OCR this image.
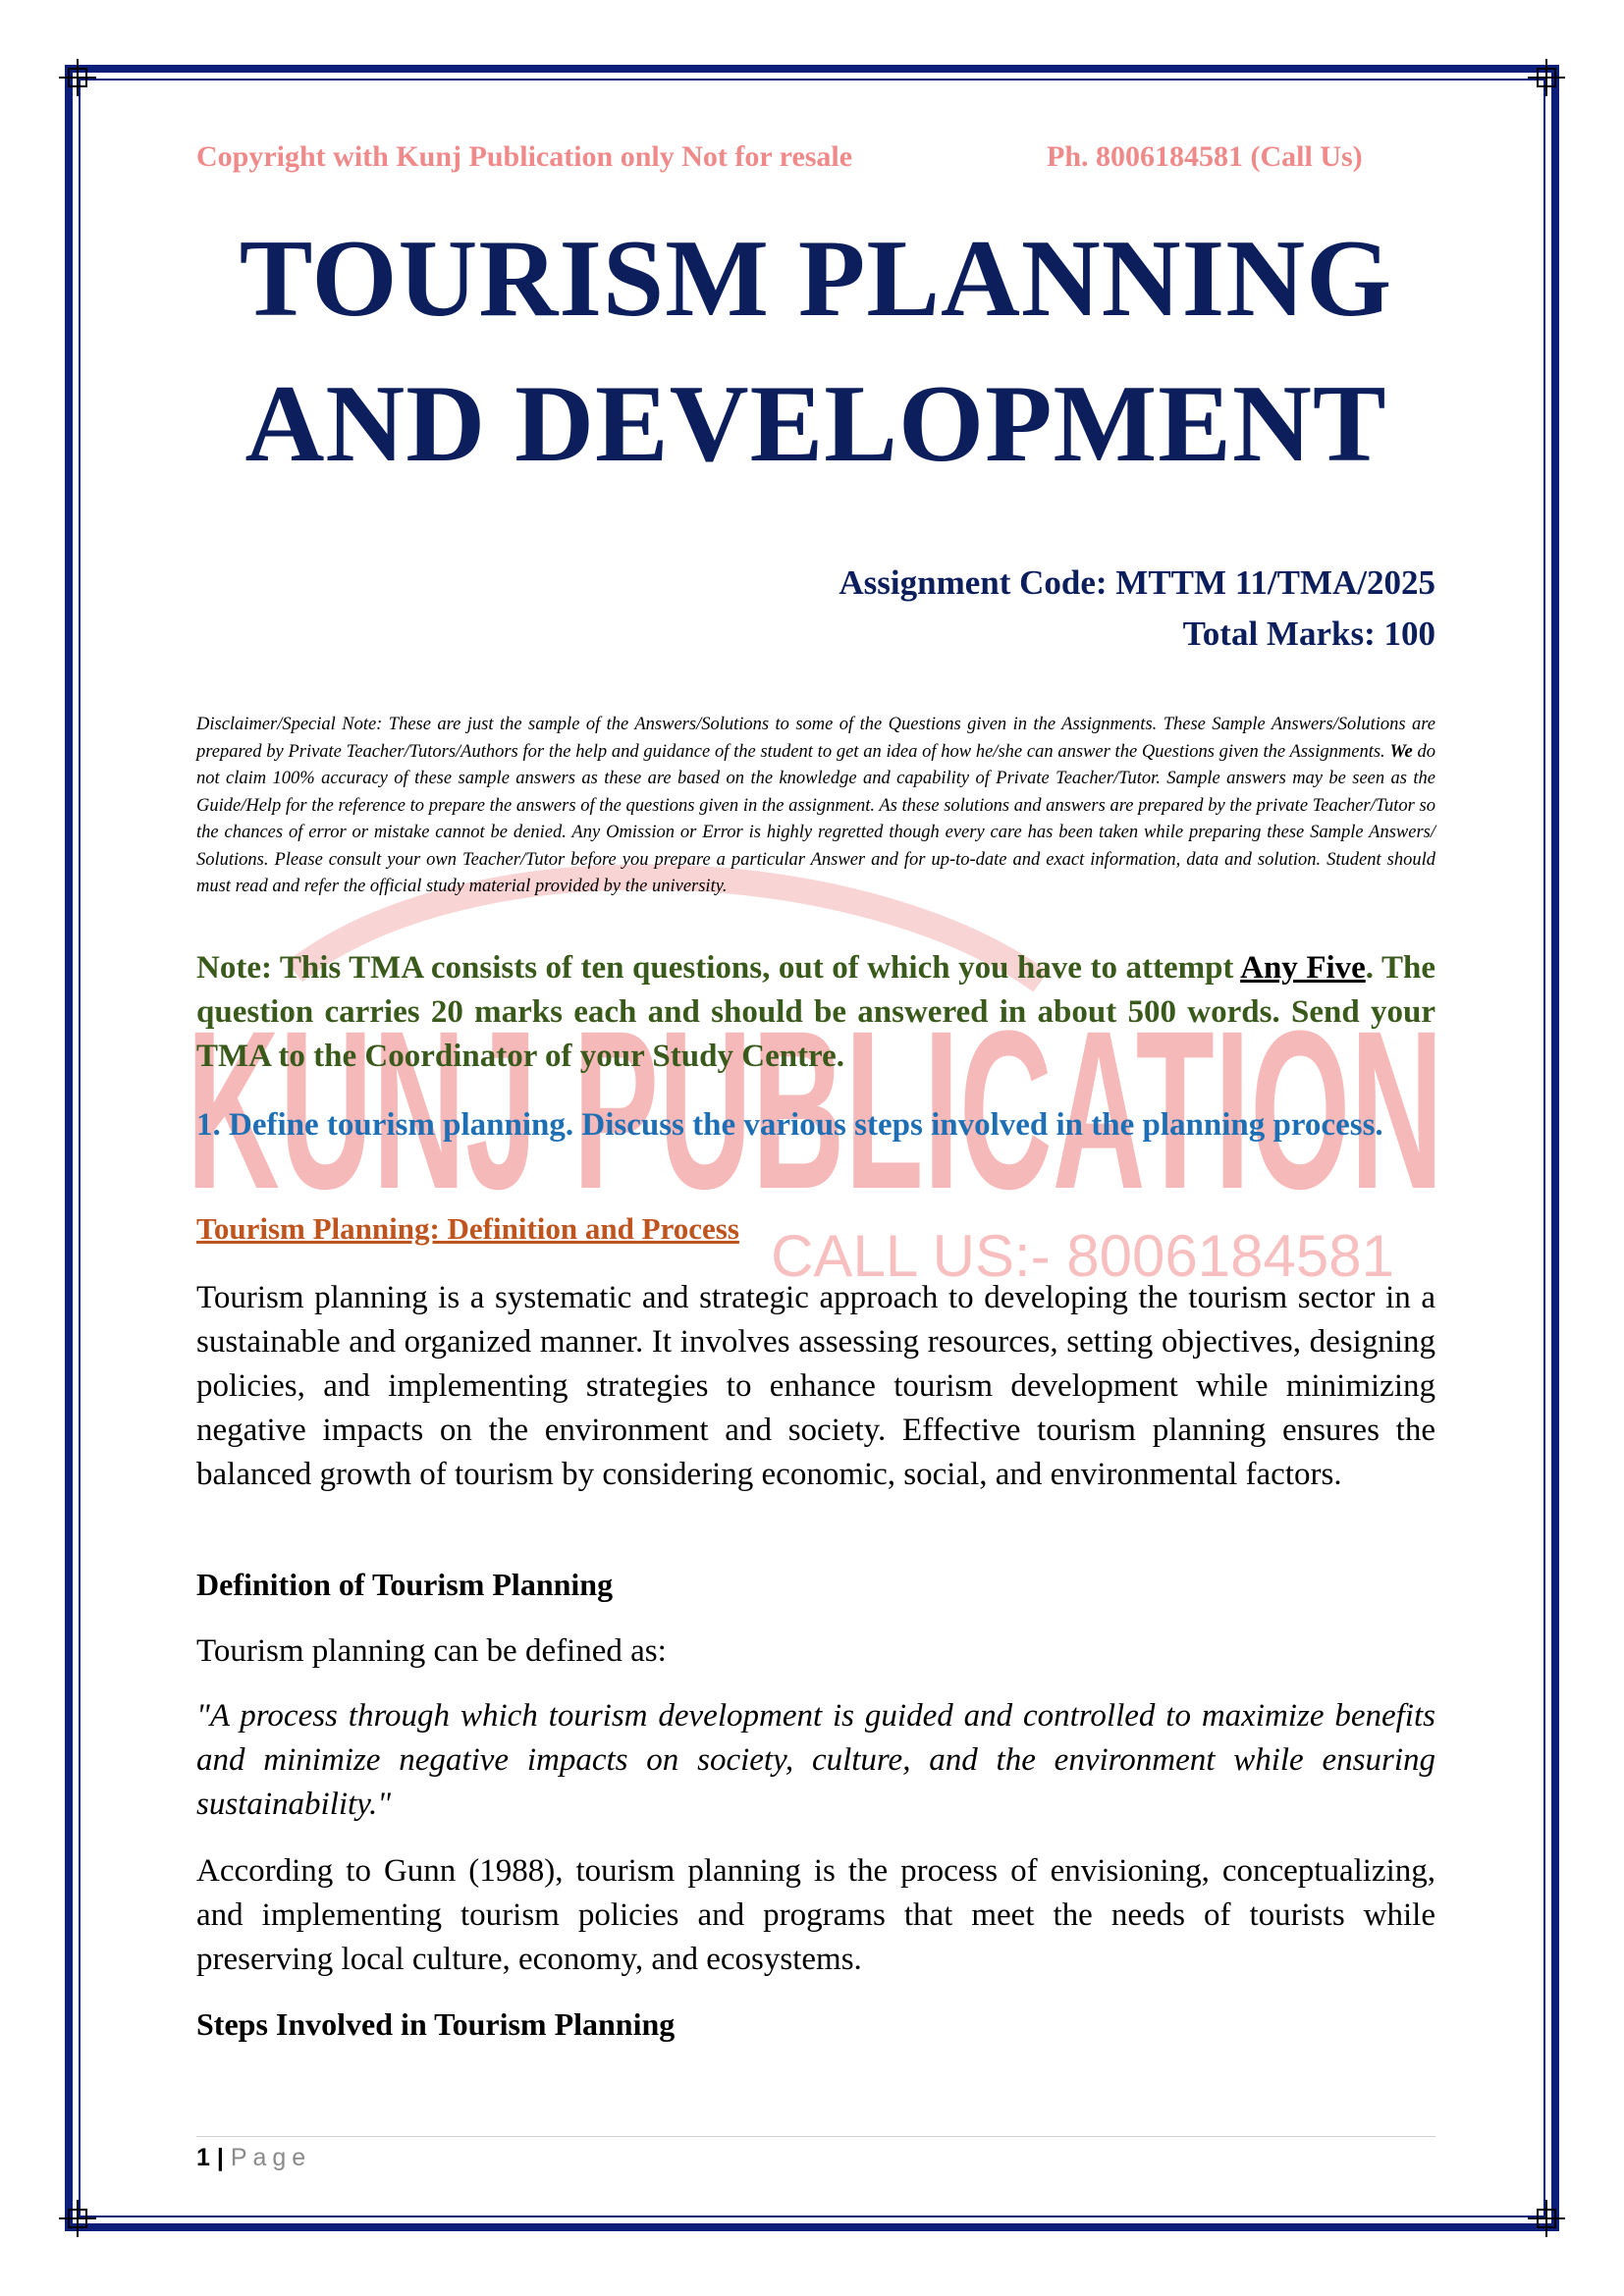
KUNJ PUBLICATION
CALL US:- 8006184581
Copyright with Kunj Publication only Not for resale	Ph. 8006184581 (Call Us)
TOURISM PLANNING
AND DEVELOPMENT
Assignment Code: MTTM 11/TMA/2025
Total Marks: 100
Disclaimer/Special Note: These are just the sample of the Answers/Solutions to some of the Questions given in the Assignments. These Sample Answers/Solutions are prepared by Private Teacher/Tutors/Authors for the help and guidance of the student to get an idea of how he/she can answer the Questions given the Assignments. We do not claim 100% accuracy of these sample answers as these are based on the knowledge and capability of Private Teacher/Tutor. Sample answers may be seen as the Guide/Help for the reference to prepare the answers of the questions given in the assignment. As these solutions and answers are prepared by the private Teacher/Tutor so the chances of error or mistake cannot be denied. Any Omission or Error is highly regretted though every care has been taken while preparing these Sample Answers/ Solutions. Please consult your own Teacher/Tutor before you prepare a particular Answer and for up-to-date and exact information, data and solution. Student should must read and refer the official study material provided by the university.
Note: This TMA consists of ten questions, out of which you have to attempt Any Five. The question carries 20 marks each and should be answered in about 500 words. Send your TMA to the Coordinator of your Study Centre.
1. Define tourism planning. Discuss the various steps involved in the planning process.
Tourism Planning: Definition and Process
Tourism planning is a systematic and strategic approach to developing the tourism sector in a sustainable and organized manner. It involves assessing resources, setting objectives, designing policies, and implementing strategies to enhance tourism development while minimizing negative impacts on the environment and society. Effective tourism planning ensures the balanced growth of tourism by considering economic, social, and environmental factors.
Definition of Tourism Planning
Tourism planning can be defined as:
"A process through which tourism development is guided and controlled to maximize benefits and minimize negative impacts on society, culture, and the environment while ensuring sustainability."
According to Gunn (1988), tourism planning is the process of envisioning, conceptualizing, and implementing tourism policies and programs that meet the needs of tourists while preserving local culture, economy, and ecosystems.
Steps Involved in Tourism Planning
1 | Page
